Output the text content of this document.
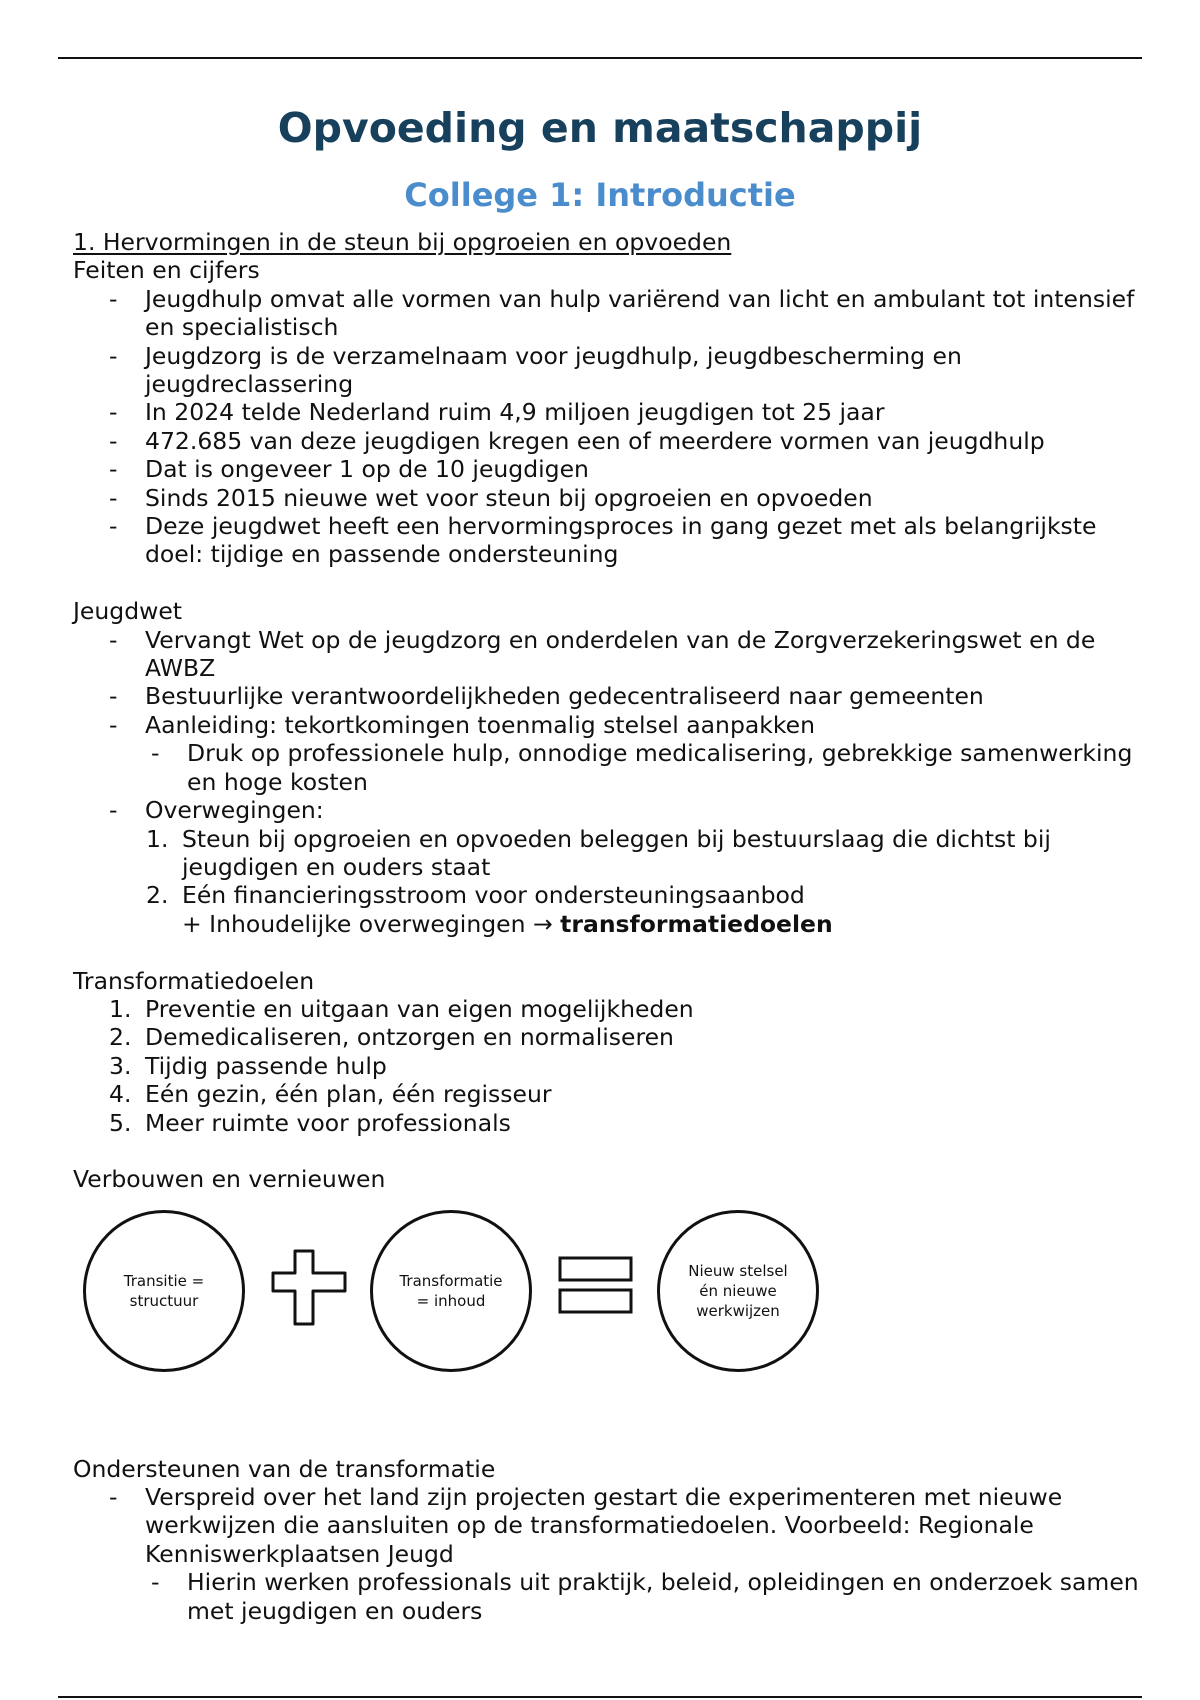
Opvoeding en maatschappij
College 1: Introductie

1. Hervormingen in de steun bij opgroeien en opvoeden

Feiten en cijfers

- Jeugdhulp omvat alle vormen van hulp variërend van licht en ambulant tot intensief en specialistisch
- Jeugdzorg is de verzamelnaam voor jeugdhulp, jeugdbescherming en jeugdreclassering
- In 2024 telde Nederland ruim 4,9 miljoen jeugdigen tot 25 jaar
- 472.685 van deze jeugdigen kregen een of meerdere vormen van jeugdhulp
- Dat is ongeveer 1 op de 10 jeugdigen
- Sinds 2015 nieuwe wet voor steun bij opgroeien en opvoeden
- Deze jeugdwet heeft een hervormingsproces in gang gezet met als belangrijkste doel: tijdige en passende ondersteuning

Jeugdwet

- Vervangt Wet op de jeugdzorg en onderdelen van de Zorgverzekeringswet en de AWBZ
- Bestuurlijke verantwoordelijkheden gedecentraliseerd naar gemeenten
- Aanleiding: tekortkomingen toenmalig stelsel aanpakken
- Druk op professionele hulp, onnodige medicalisering, gebrekkige samenwerking en hoge kosten
- Overwegingen:
1. Steun bij opgroeien en opvoeden beleggen bij bestuurslaag die dichtst bij jeugdigen en ouders staat
2. Eén financieringsstroom voor ondersteuningsaanbod

+ Inhoudelijke overwegingen → transformatiedoelen

Transformatiedoelen

1. Preventie en uitgaan van eigen mogelijkheden
2. Demedicaliseren, ontzorgen en normaliseren
3. Tijdig passende hulp
4. Eén gezin, één plan, één regisseur
5. Meer ruimte voor professionals

Verbouwen en vernieuwen

Transitie = structuur
Transformatie = inhoud
Nieuw stelsel én nieuwe werkwijzen

Ondersteunen van de transformatie

- Verspreid over het land zijn projecten gestart die experimenteren met nieuwe werkwijzen die aansluiten op de transformatiedoelen. Voorbeeld: Regionale Kenniswerkplaatsen Jeugd
- Hierin werken professionals uit praktijk, beleid, opleidingen en onderzoek samen met jeugdigen en ouders
